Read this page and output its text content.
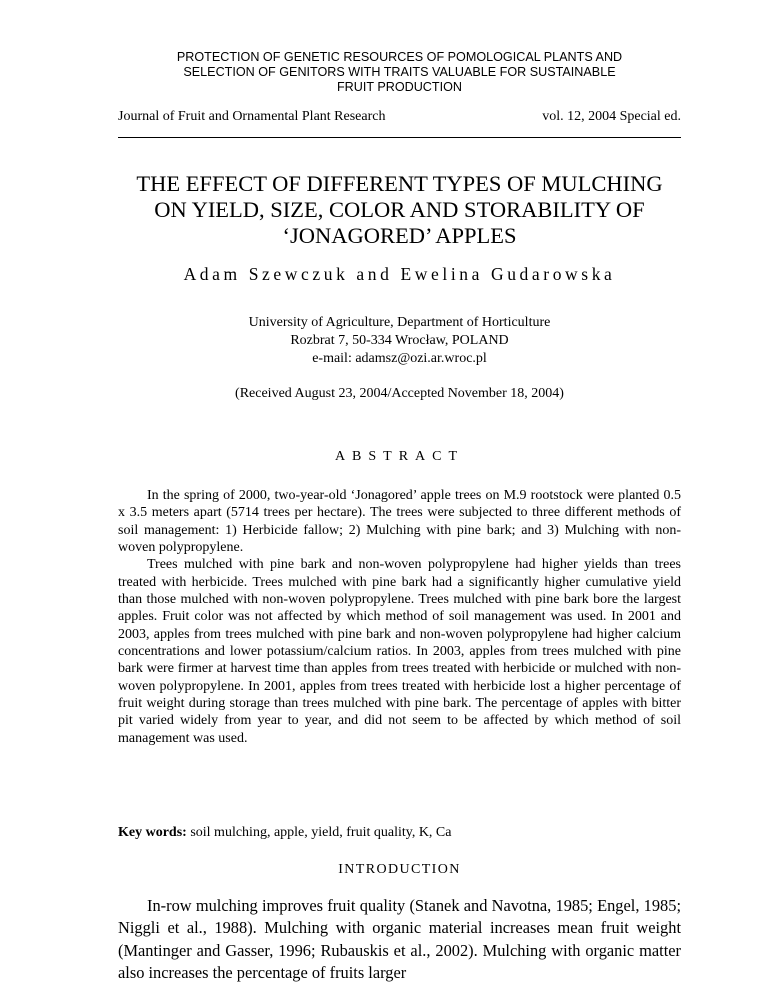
PROTECTION OF GENETIC RESOURCES OF POMOLOGICAL PLANTS AND
SELECTION OF GENITORS WITH TRAITS VALUABLE FOR SUSTAINABLE
FRUIT PRODUCTION
Journal of Fruit and Ornamental Plant Research	vol. 12, 2004 Special ed.
THE EFFECT OF DIFFERENT TYPES OF MULCHING
ON YIELD, SIZE, COLOR AND STORABILITY OF
‘JONAGORED’ APPLES
Adam Szewczuk and Ewelina Gudarowska
University of Agriculture, Department of Horticulture
Rozbrat 7, 50-334 Wrocław, POLAND
e-mail: adamsz@ozi.ar.wroc.pl
(Received August 23, 2004/Accepted November 18, 2004)
ABSTRACT

In the spring of 2000, two-year-old ‘Jonagored’ apple trees on M.9 rootstock were planted 0.5 x 3.5 meters apart (5714 trees per hectare). The trees were subjected to three different methods of soil management: 1) Herbicide fallow; 2) Mulching with pine bark; and 3) Mulching with non-woven polypropylene.

Trees mulched with pine bark and non-woven polypropylene had higher yields than trees treated with herbicide. Trees mulched with pine bark had a significantly higher cumulative yield than those mulched with non-woven polypropylene. Trees mulched with pine bark bore the largest apples. Fruit color was not affected by which method of soil management was used. In 2001 and 2003, apples from trees mulched with pine bark and non-woven polypropylene had higher calcium concentrations and lower potassium/calcium ratios. In 2003, apples from trees mulched with pine bark were firmer at harvest time than apples from trees treated with herbicide or mulched with non-woven polypropylene. In 2001, apples from trees treated with herbicide lost a higher percentage of fruit weight during storage than trees mulched with pine bark. The percentage of apples with bitter pit varied widely from year to year, and did not seem to be affected by which method of soil management was used.

Key words: soil mulching, apple, yield, fruit quality, K, Ca
INTRODUCTION

In-row mulching improves fruit quality (Stanek and Navotna, 1985; Engel, 1985; Niggli et al., 1988). Mulching with organic material increases mean fruit weight (Mantinger and Gasser, 1996; Rubauskis et al., 2002). Mulching with organic matter also increases the percentage of fruits larger
